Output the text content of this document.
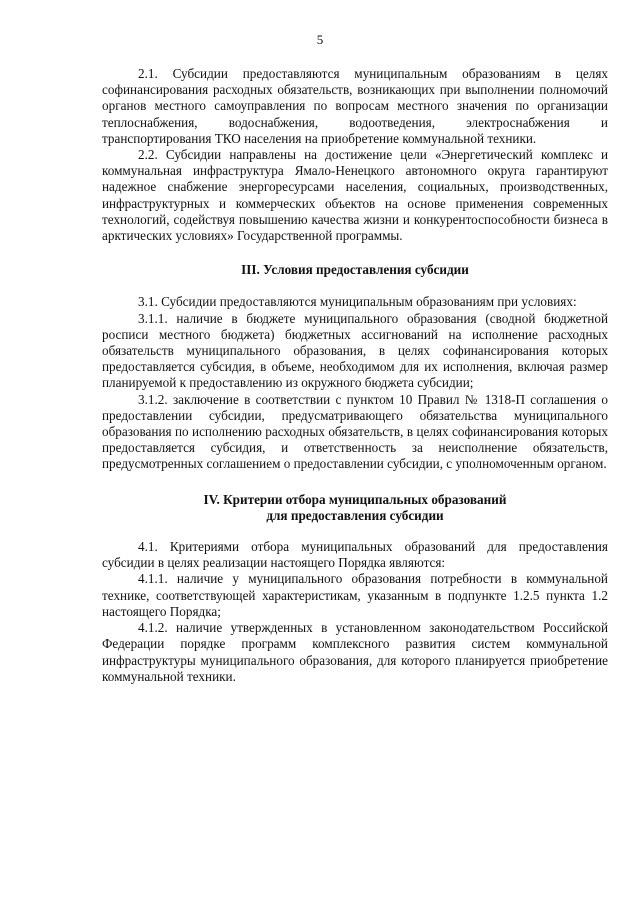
5

2.1. Субсидии предоставляются муниципальным образованиям в целях софинансирования расходных обязательств, возникающих при выполнении полномочий органов местного самоуправления по вопросам местного значения по организации теплоснабжения, водоснабжения, водоотведения, электроснабжения и транспортирования ТКО населения на приобретение коммунальной техники.

2.2. Субсидии направлены на достижение цели «Энергетический комплекс и коммунальная инфраструктура Ямало-Ненецкого автономного округа гарантируют надежное снабжение энергоресурсами населения, социальных, производственных, инфраструктурных и коммерческих объектов на основе применения современных технологий, содействуя повышению качества жизни и конкурентоспособности бизнеса в арктических условиях» Государственной программы.

III. Условия предоставления субсидии

3.1. Субсидии предоставляются муниципальным образованиям при условиях:

3.1.1. наличие в бюджете муниципального образования (сводной бюджетной росписи местного бюджета) бюджетных ассигнований на исполнение расходных обязательств муниципального образования, в целях софинансирования которых предоставляется субсидия, в объеме, необходимом для их исполнения, включая размер планируемой к предоставлению из окружного бюджета субсидии;

3.1.2. заключение в соответствии с пунктом 10 Правил № 1318-П соглашения о предоставлении субсидии, предусматривающего обязательства муниципального образования по исполнению расходных обязательств, в целях софинансирования которых предоставляется субсидия, и ответственность за неисполнение обязательств, предусмотренных соглашением о предоставлении субсидии, с уполномоченным органом.

IV. Критерии отбора муниципальных образований

для предоставления субсидии

4.1. Критериями отбора муниципальных образований для предоставления субсидии в целях реализации настоящего Порядка являются:

4.1.1. наличие у муниципального образования потребности в коммунальной технике, соответствующей характеристикам, указанным в подпункте 1.2.5 пункта 1.2 настоящего Порядка;

4.1.2. наличие утвержденных в установленном законодательством Российской Федерации порядке программ комплексного развития систем коммунальной инфраструктуры муниципального образования, для которого планируется приобретение коммунальной техники.
